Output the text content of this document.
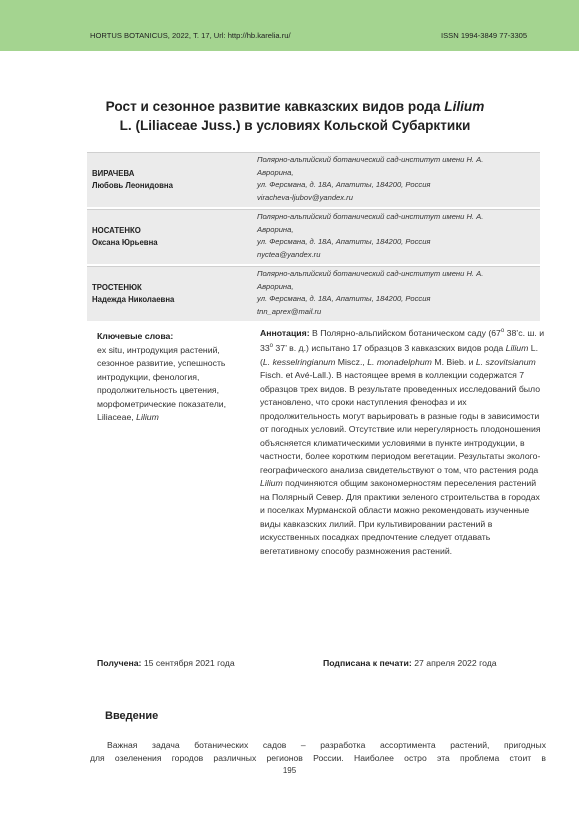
HORTUS BOTANICUS, 2022, Т. 17, Url: http://hb.karelia.ru/	ISSN 1994-3849 77-3305
Рост и сезонное развитие кавказских видов рода Lilium
L. (Liliaceae Juss.) в условиях Кольской Субарктики
ВИРАЧЕВА
Любовь Леонидовна
Полярно-альпийский ботанический сад-институт имени Н. А.
Аврорина,
ул. Ферсмана, д. 18А, Апатиты, 184200, Россия
viracheva-ljubov@yandex.ru
НОСАТЕНКО
Оксана Юрьевна
Полярно-альпийский ботанический сад-институт имени Н. А.
Аврорина,
ул. Ферсмана, д. 18А, Апатиты, 184200, Россия
nyctea@yandex.ru
ТРОСТЕНЮК
Надежда Николаевна
Полярно-альпийский ботанический сад-институт имени Н. А.
Аврорина,
ул. Ферсмана, д. 18А, Апатиты, 184200, Россия
tnn_aprex@mail.ru
Ключевые слова:
ex situ, интродукция растений, сезонное развитие, успешность интродукции, фенология, продолжительность цветения, морфометрические показатели, Liliaceae, Lilium
Аннотация: В Полярно-альпийском ботаническом саду ($67^о$ 38’с. ш. и $33^о$ 37’ в. д.) испытано 17 образцов 3 кавказских видов рода Lilium L. (L. kesselringianum Miscz., L. monadelphum M. Bieb. и L. szovitsianum Fisch. et Avé-Lall.). В настоящее время в коллекции содержатся 7 образцов трех видов. В результате проведенных исследований было установлено, что сроки наступления фенофаз и их продолжительность могут варьировать в разные годы в зависимости от погодных условий. Отсутствие или нерегулярность плодоношения объясняется климатическими условиями в пункте интродукции, в частности, более коротким периодом вегетации. Результаты эколого-географического анализа свидетельствуют о том, что растения рода Lilium подчиняются общим закономерностям переселения растений на Полярный Север. Для практики зеленого строительства в городах и поселках Мурманской области можно рекомендовать изученные виды кавказских лилий. При культивировании растений в искусственных посадках предпочтение следует отдавать вегетативному способу размножения растений.
Получена: 15 сентября 2021 года	Подписана к печати: 27 апреля 2022 года
Введение
Важная задача ботанических садов – разработка ассортимента растений, пригодных
для озеленения городов различных регионов России. Наиболее остро эта проблема стоит в
195
